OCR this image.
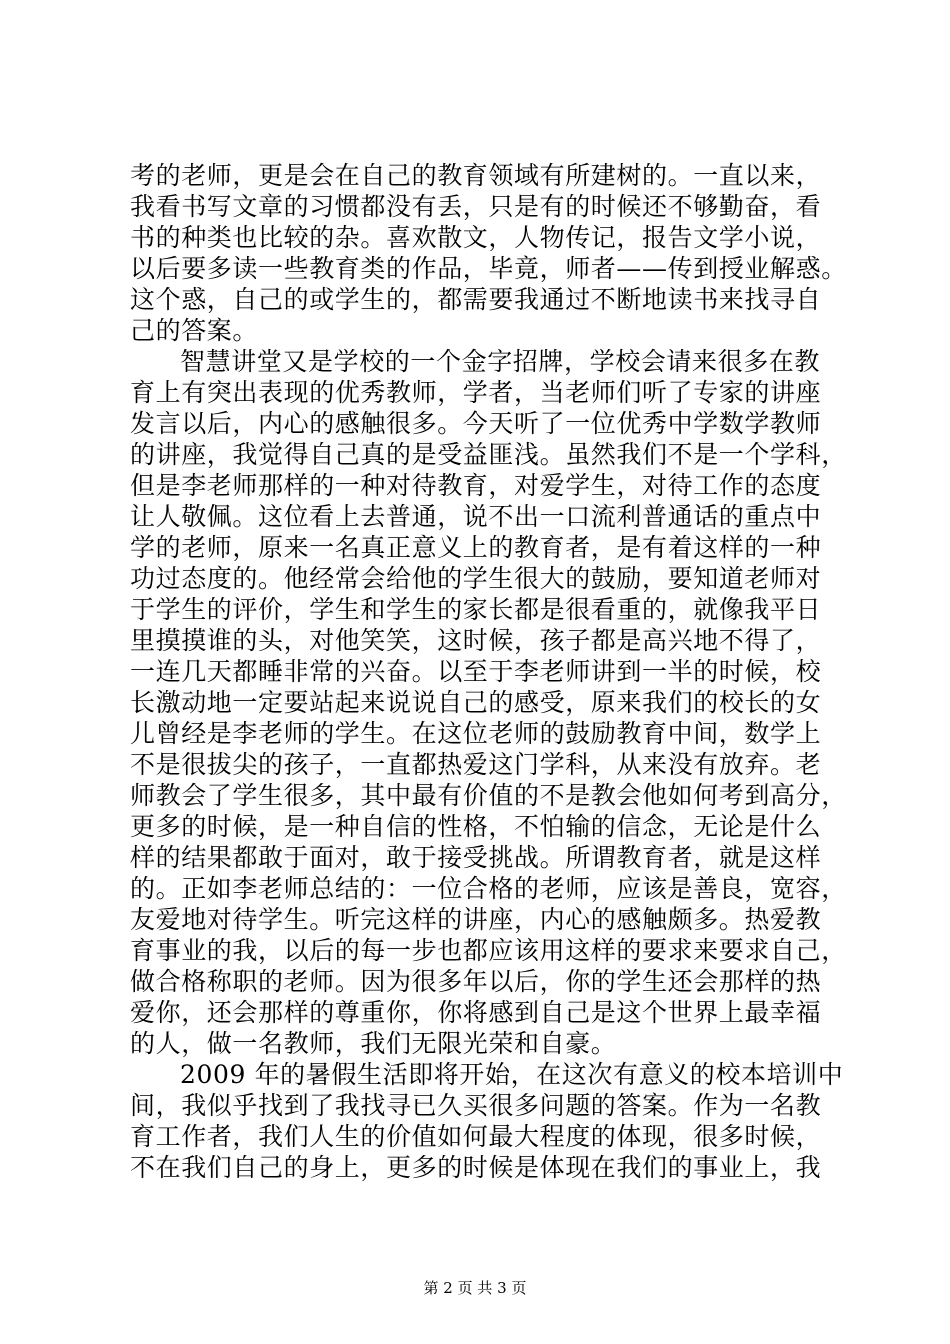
考的老师，更是会在自己的教育领域有所建树的。一直以来，
我看书写文章的习惯都没有丢，只是有的时候还不够勤奋，看
书的种类也比较的杂。喜欢散文，人物传记，报告文学小说，
以后要多读一些教育类的作品，毕竟，师者——传到授业解惑。
这个惑，自己的或学生的，都需要我通过不断地读书来找寻自
己的答案。
智慧讲堂又是学校的一个金字招牌，学校会请来很多在教
育上有突出表现的优秀教师，学者，当老师们听了专家的讲座
发言以后，内心的感触很多。今天听了一位优秀中学数学教师
的讲座，我觉得自己真的是受益匪浅。虽然我们不是一个学科，
但是李老师那样的一种对待教育，对爱学生，对待工作的态度
让人敬佩。这位看上去普通，说不出一口流利普通话的重点中
学的老师，原来一名真正意义上的教育者，是有着这样的一种
功过态度的。他经常会给他的学生很大的鼓励，要知道老师对
于学生的评价，学生和学生的家长都是很看重的，就像我平日
里摸摸谁的头，对他笑笑，这时候，孩子都是高兴地不得了，
一连几天都睡非常的兴奋。以至于李老师讲到一半的时候，校
长激动地一定要站起来说说自己的感受，原来我们的校长的女
儿曾经是李老师的学生。在这位老师的鼓励教育中间，数学上
不是很拔尖的孩子，一直都热爱这门学科，从来没有放弃。老
师教会了学生很多，其中最有价值的不是教会他如何考到高分，
更多的时候，是一种自信的性格，不怕输的信念，无论是什么
样的结果都敢于面对，敢于接受挑战。所谓教育者，就是这样
的。正如李老师总结的：一位合格的老师，应该是善良，宽容，
友爱地对待学生。听完这样的讲座，内心的感触颇多。热爱教
育事业的我，以后的每一步也都应该用这样的要求来要求自己，
做合格称职的老师。因为很多年以后，你的学生还会那样的热
爱你，还会那样的尊重你，你将感到自己是这个世界上最幸福
的人，做一名教师，我们无限光荣和自豪。
2009 年的暑假生活即将开始，在这次有意义的校本培训中
间，我似乎找到了我找寻已久买很多问题的答案。作为一名教
育工作者，我们人生的价值如何最大程度的体现，很多时候，
不在我们自己的身上，更多的时候是体现在我们的事业上，我
第 2 页 共 3 页
